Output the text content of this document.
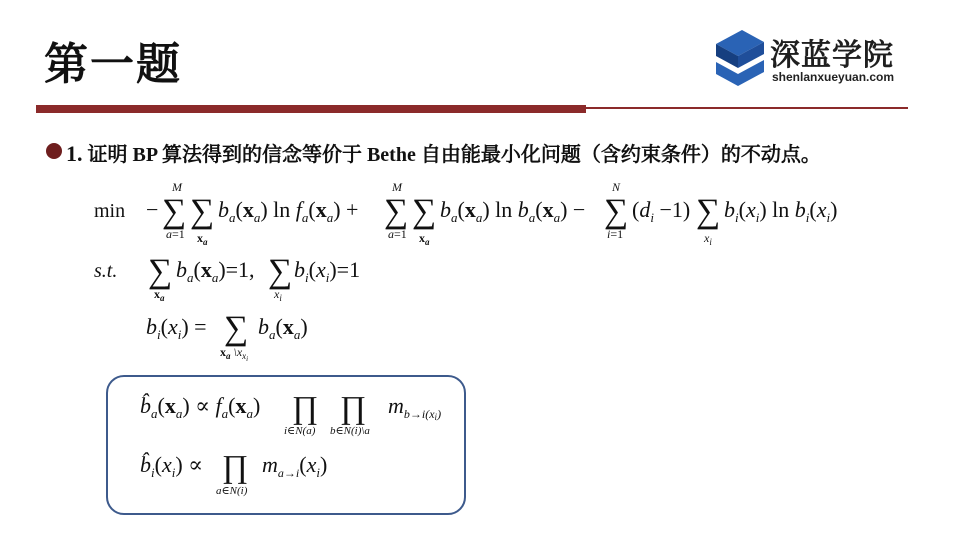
第一题	深蓝学院
shenlanxueyuan.com
1. 证明 BP 算法得到的信念等价于 Bethe 自由能最小化问题（含约束条件）的不动点。
min − ∑
M
a=1
∑
$x_a$
$b_a(x_a)$ $\ln f_a(x_a)$ + ∑
M
a=1
∑
$x_a$
$b_a(x_a)$ $\ln b_a(x_a)$ − ∑
N
i=1
$(d_i -1)$ ∑
$x_i$
$b_i(x_i)$ $\ln b_i(x_i)$
s.t. ∑
$x_a$
$b_a(x_a)=1$, ∑
$x_i$
$b_i(x_i)=1$
$b_i(x_i)$ = ∑
$x_a$ $\backslash x_xi$
$b_a(x_a)$
$b̂_a(x_a) \propto f_a(x_a)$ ∏
i∈N(a)
∏
b∈N(i)\a
$m_{b\to i(x}i$)
$b̂_i(x_i)$ ∝ ∏
a∈N(i)
$m_{a\to i}(x_i)$
